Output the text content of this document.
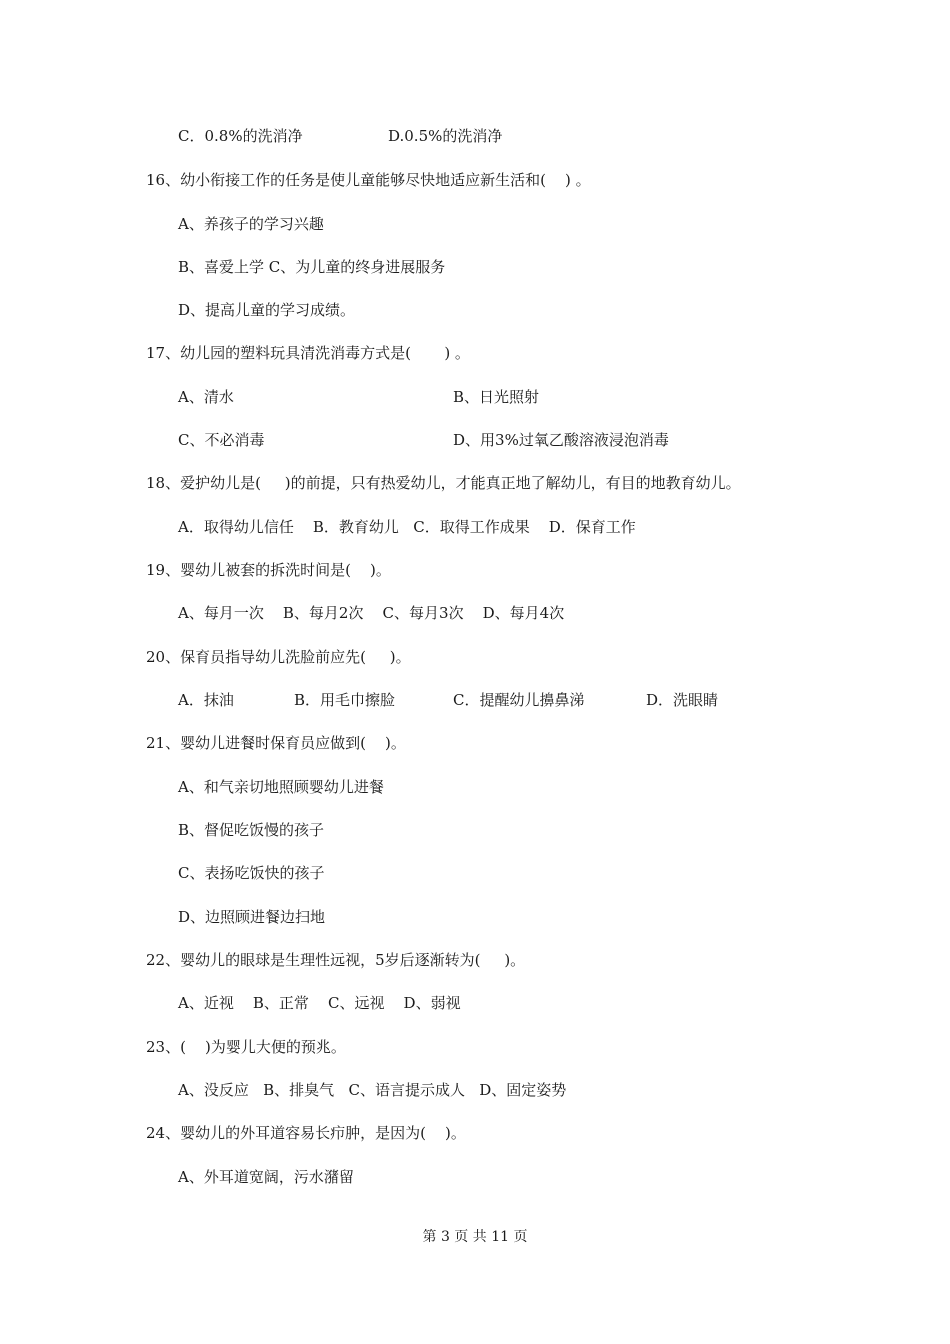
C．0.8%的洗消净	D.0.5%的洗消净
16、幼小衔接工作的任务是使儿童能够尽快地适应新生活和(    ) 。
A、养孩子的学习兴趣
B、喜爱上学 C、为儿童的终身进展服务
D、提高儿童的学习成绩。
17、幼儿园的塑料玩具清洗消毒方式是(       ) 。
A、清水	B、日光照射
C、不必消毒	D、用3%过氧乙酸溶液浸泡消毒
18、爱护幼儿是(     )的前提，只有热爱幼儿，才能真正地了解幼儿，有目的地教育幼儿。
A．取得幼儿信任    B．教育幼儿   C．取得工作成果    D．保育工作
19、婴幼儿被套的拆洗时间是(    )。
A、每月一次    B、每月2次    C、每月3次    D、每月4次
20、保育员指导幼儿洗脸前应先(     )。
A．抹油	B．用毛巾擦脸	C．提醒幼儿擤鼻涕	D．洗眼睛
21、婴幼儿进餐时保育员应做到(    )。
A、和气亲切地照顾婴幼儿进餐
B、督促吃饭慢的孩子
C、表扬吃饭快的孩子
D、边照顾进餐边扫地
22、婴幼儿的眼球是生理性远视，5岁后逐渐转为(     )。
A、近视    B、正常    C、远视    D、弱视
23、(    )为婴儿大便的预兆。
A、没反应   B、排臭气   C、语言提示成人   D、固定姿势
24、婴幼儿的外耳道容易长疖肿，是因为(    )。
A、外耳道宽阔，污水潴留
第 3 页 共 11 页
